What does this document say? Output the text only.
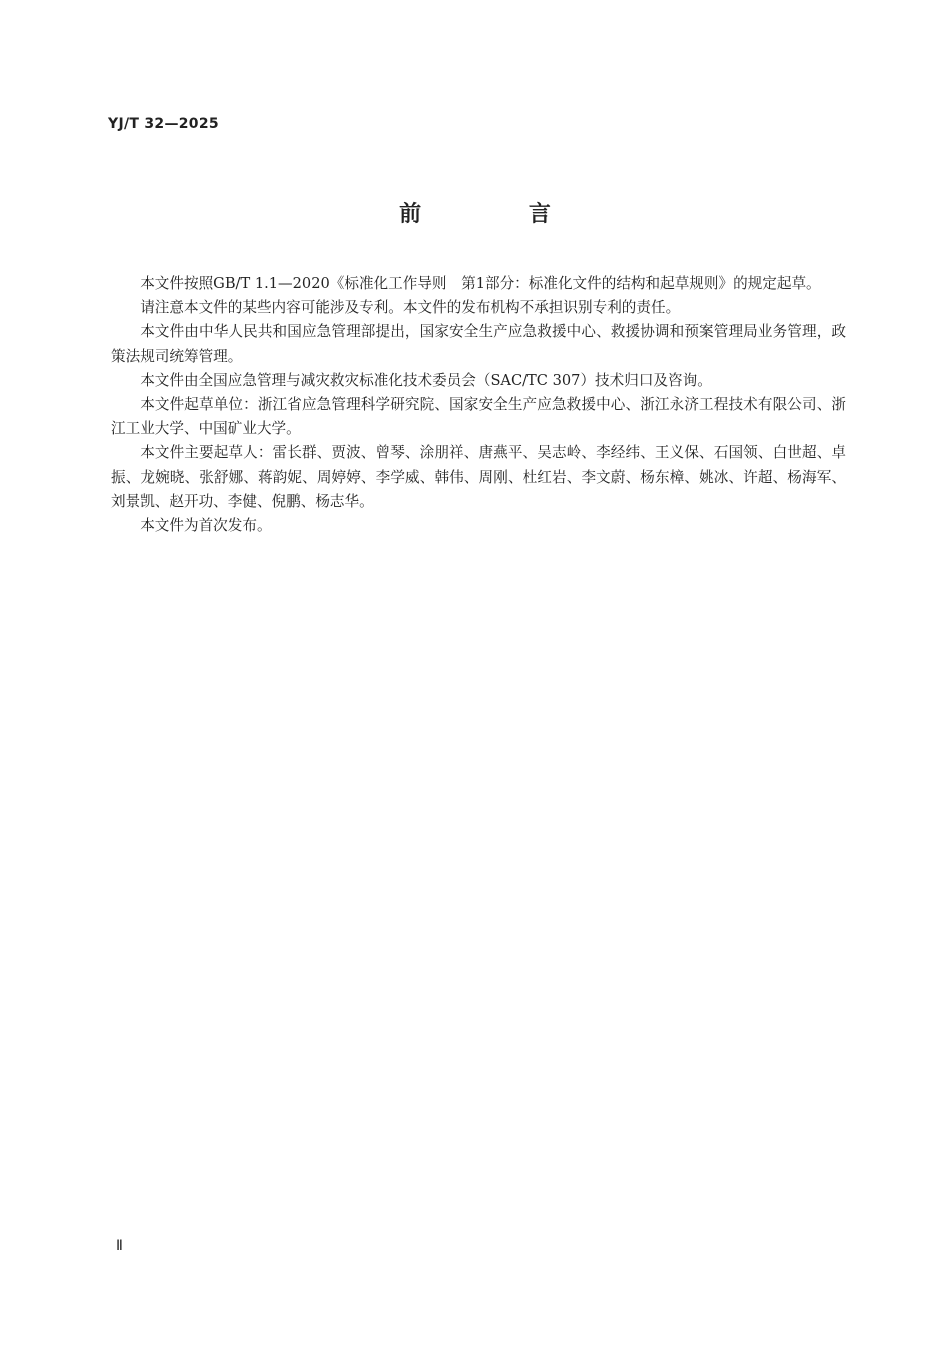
YJ/T 32—2025
前 言

本文件按照GB/T 1.1—2020《标准化工作导则　第1部分：标准化文件的结构和起草规则》的规定起草。

请注意本文件的某些内容可能涉及专利。本文件的发布机构不承担识别专利的责任。

本文件由中华人民共和国应急管理部提出，国家安全生产应急救援中心、救援协调和预案管理局业务管理，政策法规司统筹管理。

本文件由全国应急管理与减灾救灾标准化技术委员会（SAC/TC 307）技术归口及咨询。

本文件起草单位：浙江省应急管理科学研究院、国家安全生产应急救援中心、浙江永济工程技术有限公司、浙江工业大学、中国矿业大学。

本文件主要起草人：雷长群、贾波、曾琴、涂朋祥、唐燕平、吴志岭、李经纬、王义保、石国领、白世超、卓振、龙婉晓、张舒娜、蒋韵妮、周婷婷、李学威、韩伟、周刚、杜红岩、李文蔚、杨东樟、姚冰、许超、杨海军、刘景凯、赵开功、李健、倪鹏、杨志华。

本文件为首次发布。

Ⅱ
